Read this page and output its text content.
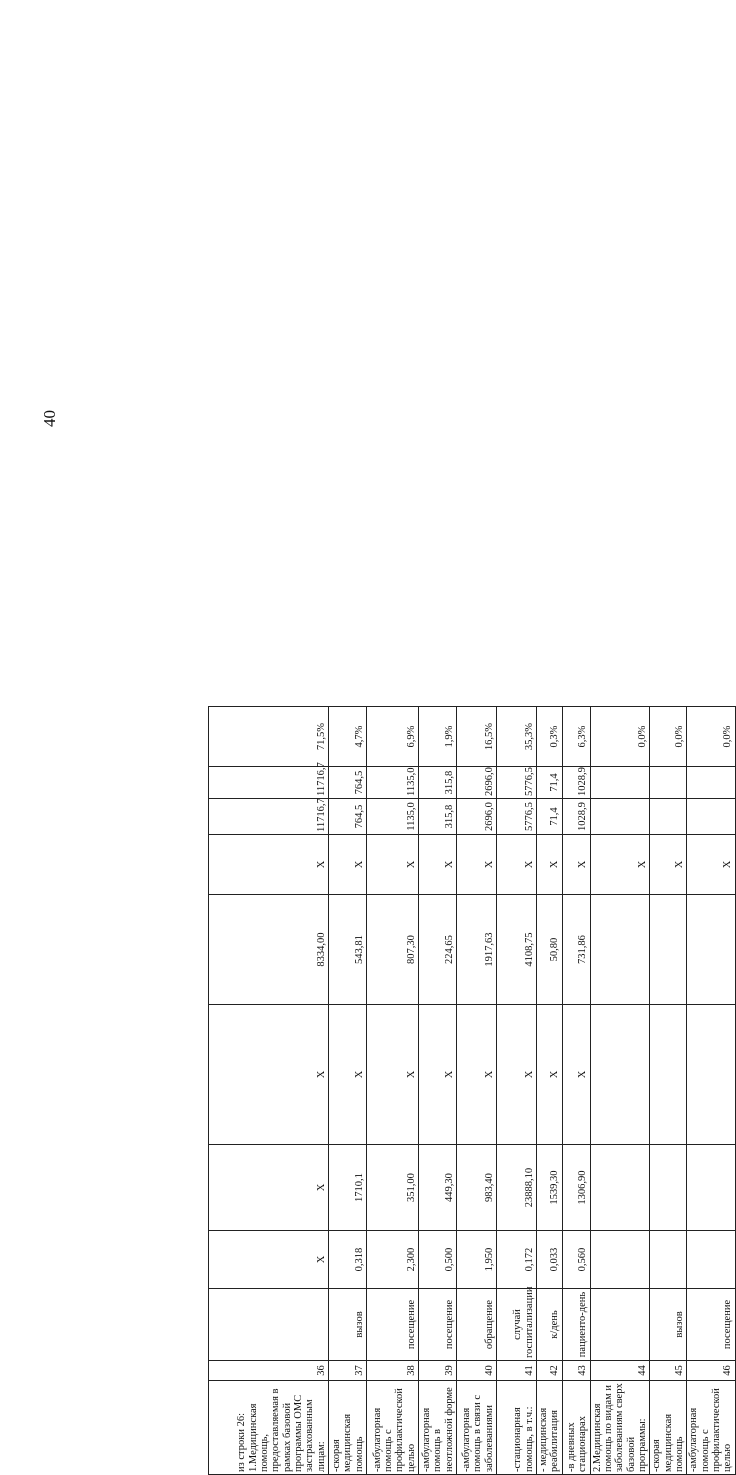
40
из строки 26: 1.Медицинская помощь, предоставляемая в рамках базовой программы ОМС застрахованным лицам:	36		X	X	X	8334,00	X	11716,7	11716,7	71,5%
-скорая медицинская помощь	37	вызов	0,318	1710,1	X	543,81	X	764,5	764,5	4,7%
-амбулаторная помощь с профилактической целью	38	посещение	2,300	351,00	X	807,30	X	1135,0	1135,0	6,9%
-амбулаторная помощь в неотложной форме	39	посещение	0,500	449,30	X	224,65	X	315,8	315,8	1,9%
-амбулаторная помощь в связи с заболеваниями	40	обращение	1,950	983,40	X	1917,63	X	2696,0	2696,0	16,5%
-стационарная помощь, в т.ч.:	41	случай госпитализации	0,172	23888,10	X	4108,75	X	5776,5	5776,5	35,3%
- медицинская реабилитация	42	к/день	0,033	1539,30	X	50,80	X	71,4	71,4	0,3%
-в дневных стационарах	43	пациенто-день	0,560	1306,90	X	731,86	X	1028,9	1028,9	6,3%
2.Медицинская помощь по видам и заболеваниям сверх базовой программы:	44						X			0,0%
-скорая медицинская помощь	45	вызов					X			0,0%
-амбулаторная помощь с профилактической целью	46	посещение					X			0,0%
